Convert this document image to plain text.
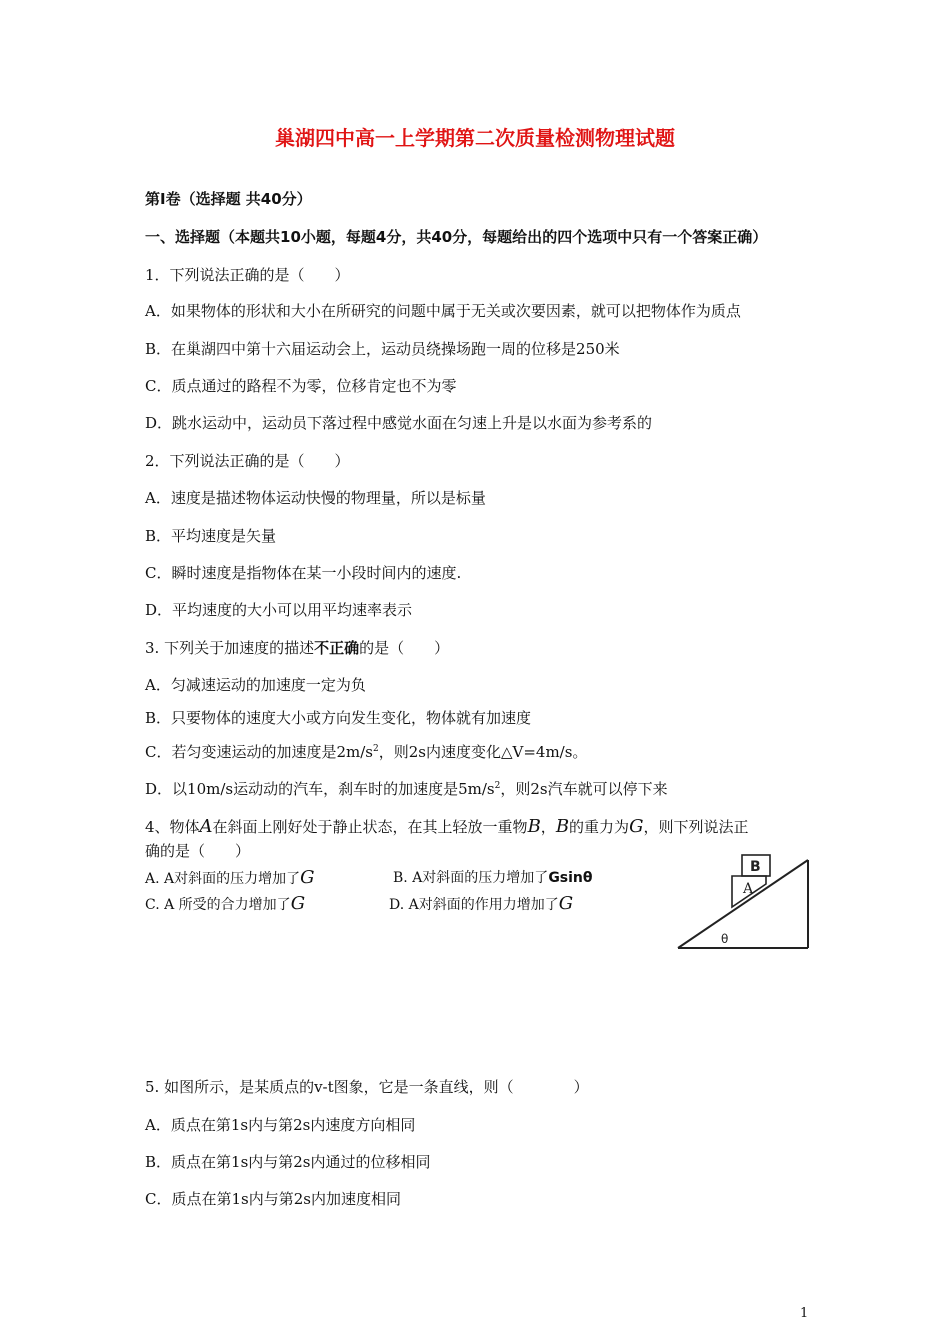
巢湖四中高一上学期第二次质量检测物理试题
第Ⅰ卷（选择题 共40分）
一、选择题（本题共10小题，每题4分，共40分，每题给出的四个选项中只有一个答案正确）
1．下列说法正确的是（　　）
A．如果物体的形状和大小在所研究的问题中属于无关或次要因素，就可以把物体作为质点
B．在巢湖四中第十六届运动会上，运动员绕操场跑一周的位移是250米
C．质点通过的路程不为零，位移肯定也不为零
D．跳水运动中，运动员下落过程中感觉水面在匀速上升是以水面为参考系的
2．下列说法正确的是（　　）
A．速度是描述物体运动快慢的物理量，所以是标量
B．平均速度是矢量
C．瞬时速度是指物体在某一小段时间内的速度.
D．平均速度的大小可以用平均速率表示
3. 下列关于加速度的描述不正确的是（　　）
A．匀减速运动的加速度一定为负
B．只要物体的速度大小或方向发生变化，物体就有加速度
C．若匀变速运动的加速度是$2m/s^2$，则2s内速度变化△V=4m/s。
D．以10m/s运动动的汽车，刹车时的加速度是$5m/s^2$，则2s汽车就可以停下来
4、物体A在斜面上刚好处于静止状态，在其上轻放一重物B，B的重力为G，则下列说法正
确的是（　　）
A. A对斜面的压力增加了G	B. A对斜面的压力增加了Gsinθ
C. A 所受的合力增加了G	D. A对斜面的作用力增加了G
B
A
θ
5. 如图所示，是某质点的v-t图象，它是一条直线，则（　　　　）
A．质点在第1s内与第2s内速度方向相同
B．质点在第1s内与第2s内通过的位移相同
C．质点在第1s内与第2s内加速度相同
1
